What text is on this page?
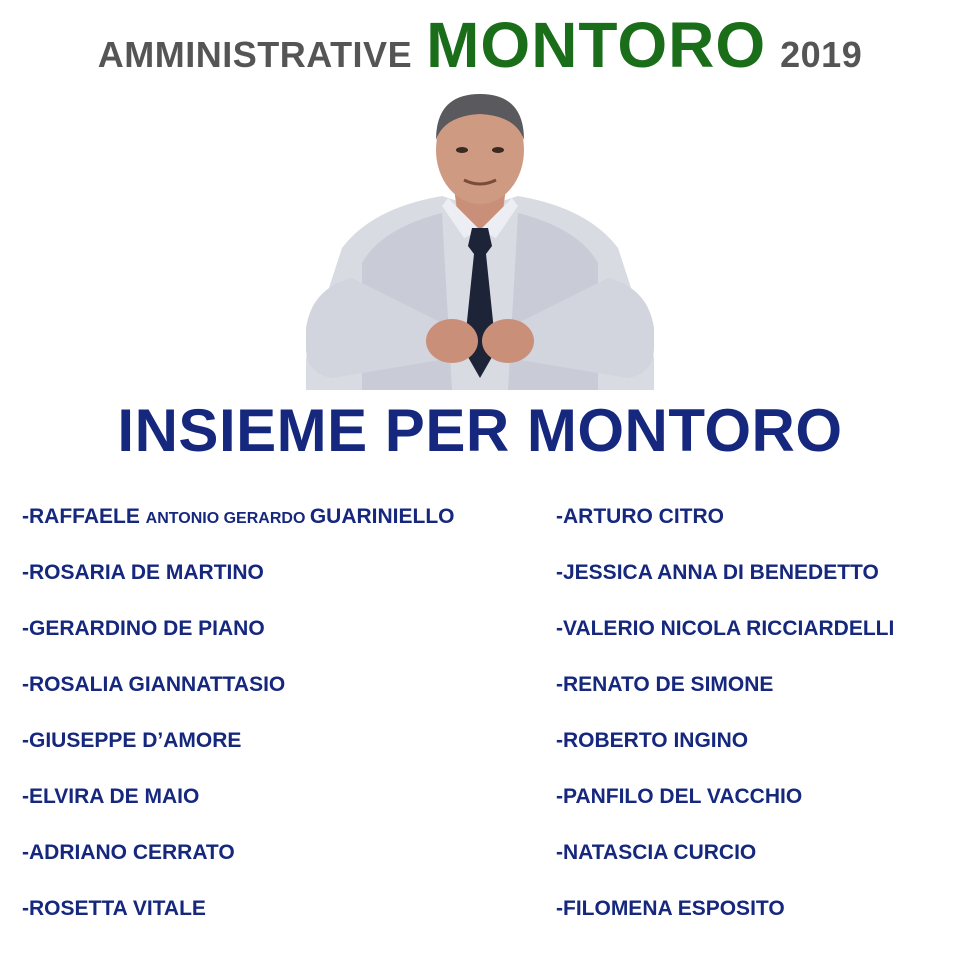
AMMINISTRATIVE MONTORO 2019
INSIEME PER MONTORO
-RAFFAELE ANTONIO GERARDO GUARINIELLO
-ROSARIA DE MARTINO
-GERARDINO DE PIANO
-ROSALIA GIANNATTASIO
-GIUSEPPE D’AMORE
-ELVIRA DE MAIO
-ADRIANO CERRATO
-ROSETTA VITALE
-ARTURO CITRO
-JESSICA ANNA DI BENEDETTO
-VALERIO NICOLA RICCIARDELLI
-RENATO DE SIMONE
-ROBERTO INGINO
-PANFILO DEL VACCHIO
-NATASCIA CURCIO
-FILOMENA ESPOSITO
